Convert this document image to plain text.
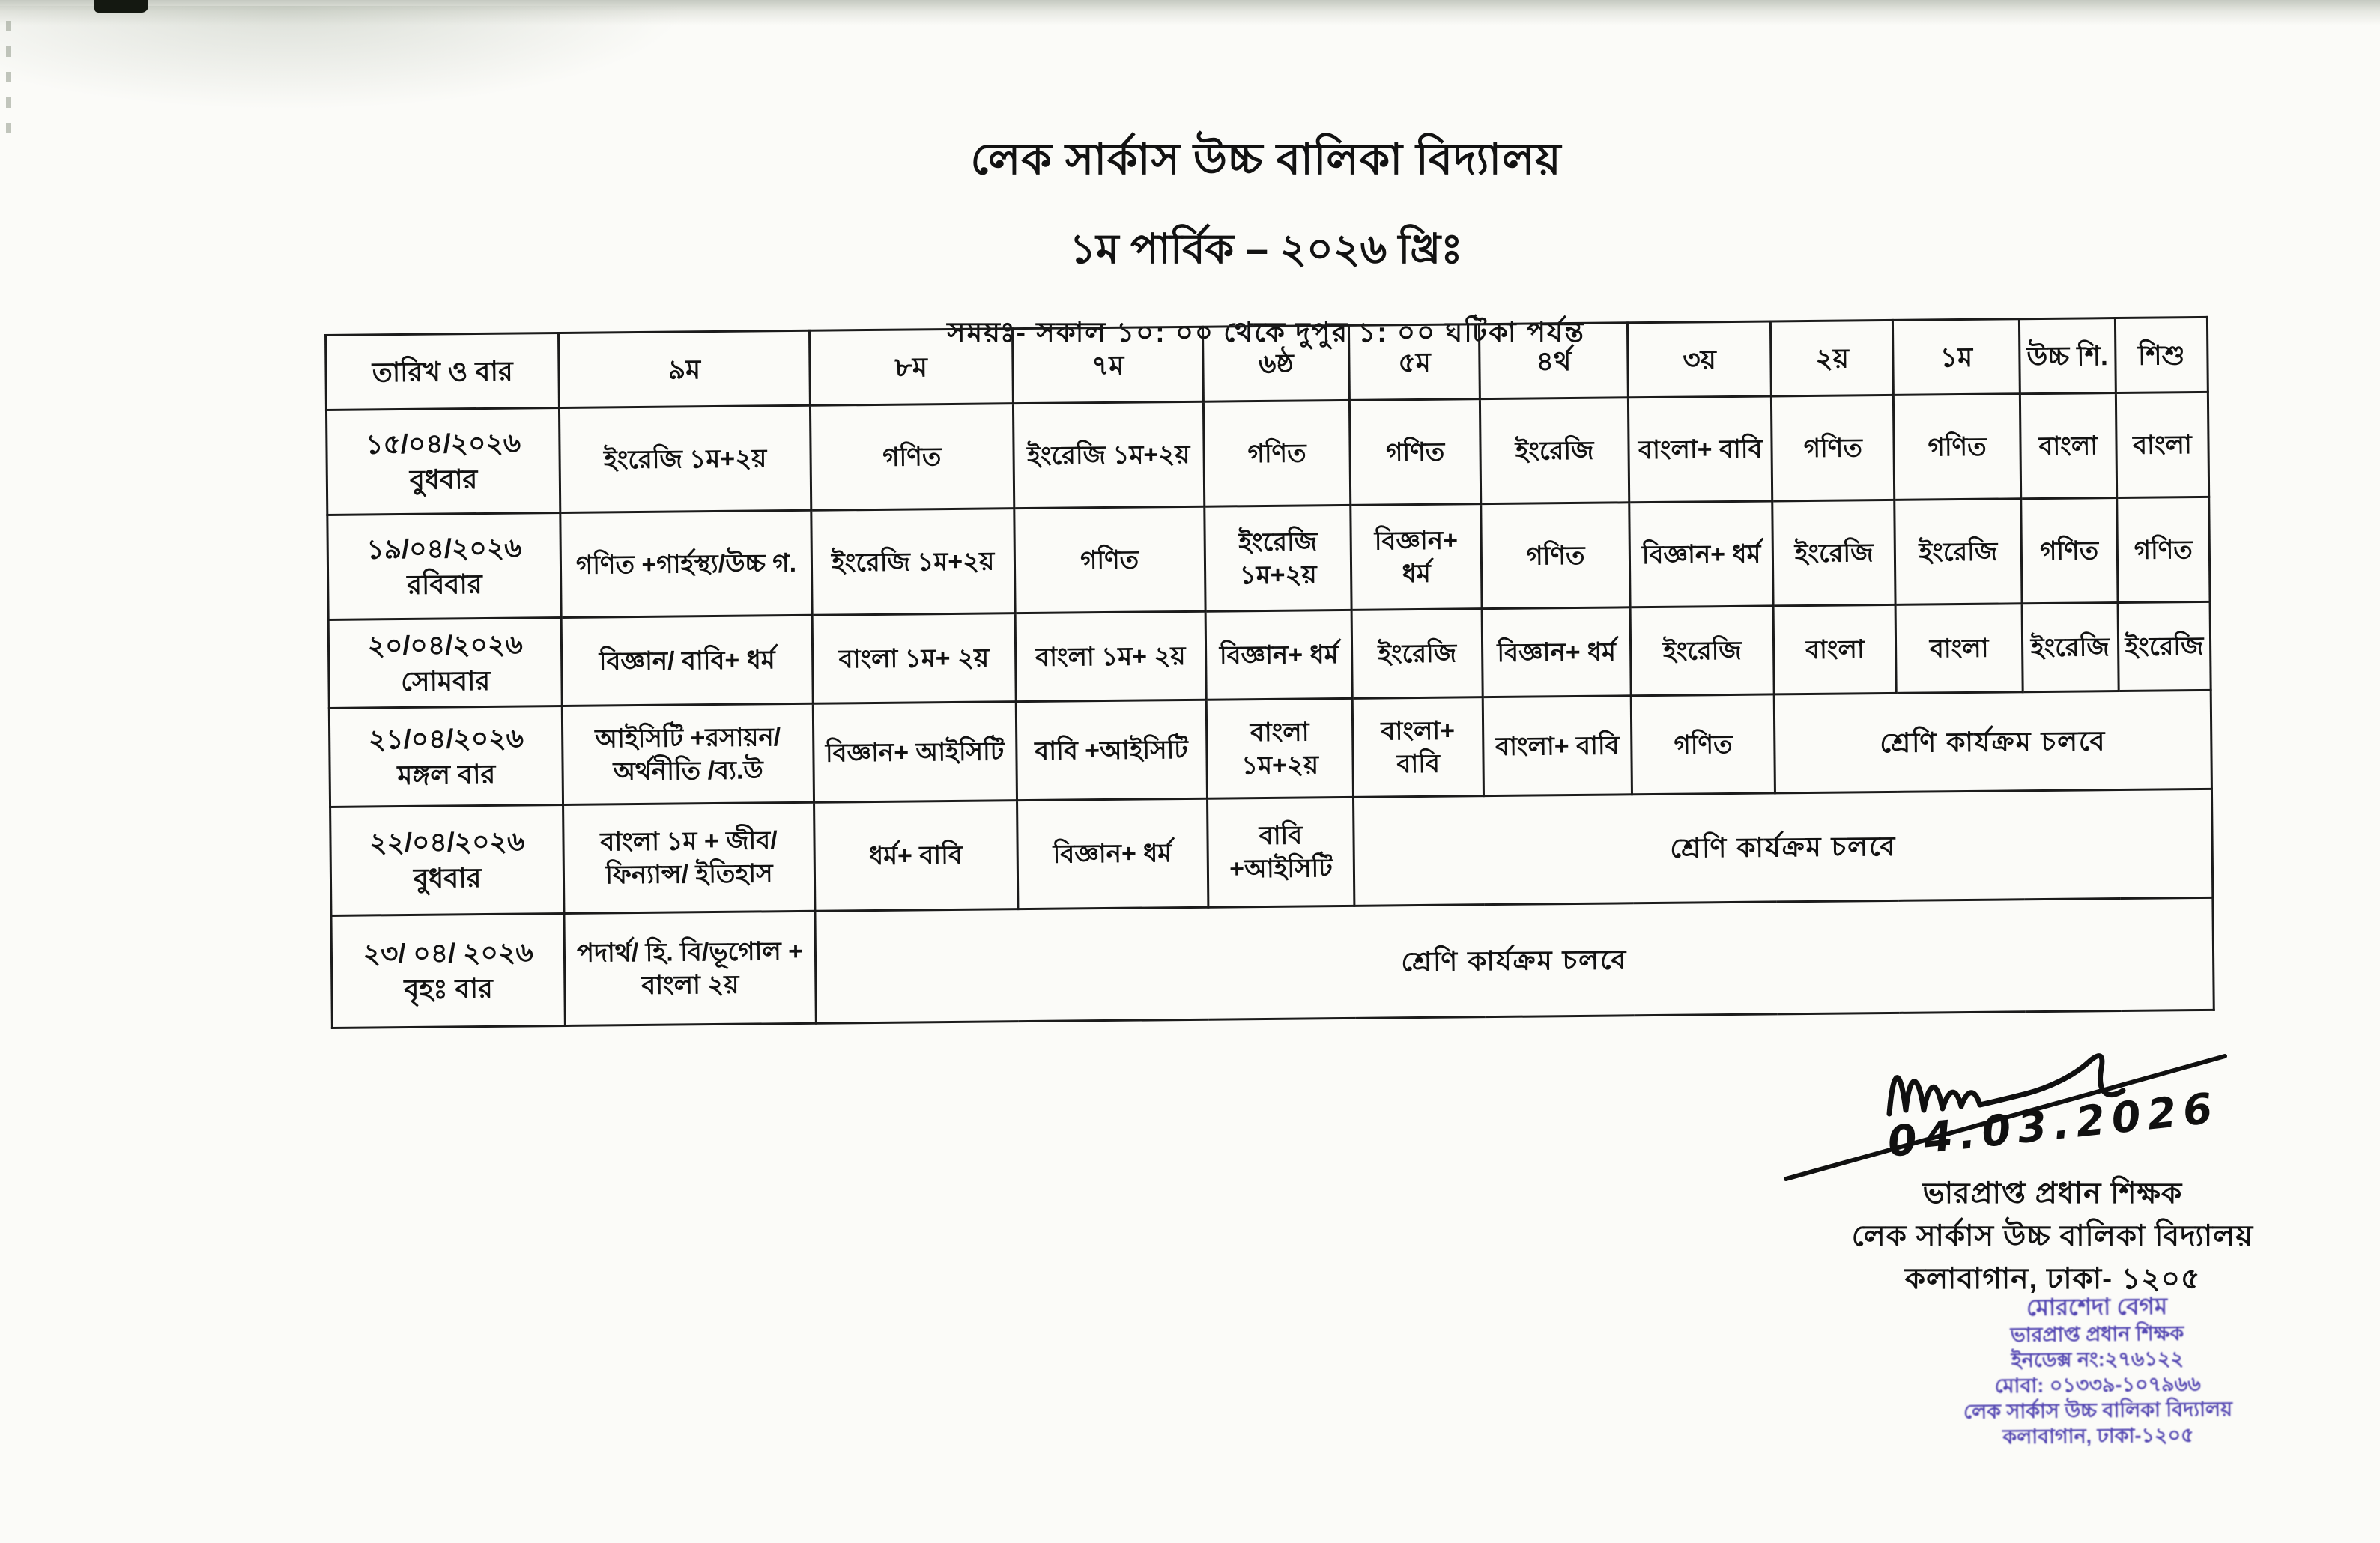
লেক সার্কাস উচ্চ বালিকা বিদ্যালয়
১ম পার্বিক – ২০২৬ খ্রিঃ
সময়ঃ- সকাল ১০: ০০ থেকে দুপুর ১: ০০ ঘটিকা পর্যন্ত
তারিখ ও বার	৯ম	৮ম	৭ম	৬ষ্ঠ	৫ম	৪র্থ	৩য়	২য়	১ম	উচ্চ শি.	শিশু

১৫/০৪/২০২৬
বুধবার	ইংরেজি ১ম+২য়	গণিত	ইংরেজি ১ম+২য়	গণিত	গণিত	ইংরেজি	বাংলা+ বাবি	গণিত	গণিত	বাংলা	বাংলা

১৯/০৪/২০২৬
রবিবার	গণিত +গার্হস্থ্য/উচ্চ গ.	ইংরেজি ১ম+২য়	গণিত	ইংরেজি ১ম+২য়	বিজ্ঞান+ ধর্ম	গণিত	বিজ্ঞান+ ধর্ম	ইংরেজি	ইংরেজি	গণিত	গণিত

২০/০৪/২০২৬
সোমবার	বিজ্ঞান/ বাবি+ ধর্ম	বাংলা ১ম+ ২য়	বাংলা ১ম+ ২য়	বিজ্ঞান+ ধর্ম	ইংরেজি	বিজ্ঞান+ ধর্ম	ইংরেজি	বাংলা	বাংলা	ইংরেজি	ইংরেজি

২১/০৪/২০২৬
মঙ্গল বার	আইসিটি +রসায়ন/অর্থনীতি /ব্য.উ	বিজ্ঞান+ আইসিটি	বাবি +আইসিটি	বাংলা ১ম+২য়	বাংলা+ বাবি	বাংলা+ বাবি	গণিত	শ্রেণি কার্যক্রম চলবে			

২২/০৪/২০২৬
বুধবার	বাংলা ১ম + জীব/ ফিন্যান্স/ ইতিহাস	ধর্ম+ বাবি	বিজ্ঞান+ ধর্ম	বাবি +আইসিটি	শ্রেণি কার্যক্রম চলবে						

২৩/ ০৪/ ২০২৬
বৃহঃ বার	পদার্থ/ হি. বি/ভূগোল + বাংলা ২য়	শ্রেণি কার্যক্রম চলবে									
04.03.2026
ভারপ্রাপ্ত প্রধান শিক্ষক
লেক সার্কাস উচ্চ বালিকা বিদ্যালয়
কলাবাগান, ঢাকা- ১২০৫
মোরশেদা বেগম
ভারপ্রাপ্ত প্রধান শিক্ষক
ইনডেক্স নং:২৭৬১২২
মোবা: ০১৩৩৯-১০৭৯৬৬
লেক সার্কাস উচ্চ বালিকা বিদ্যালয়
কলাবাগান, ঢাকা-১২০৫
